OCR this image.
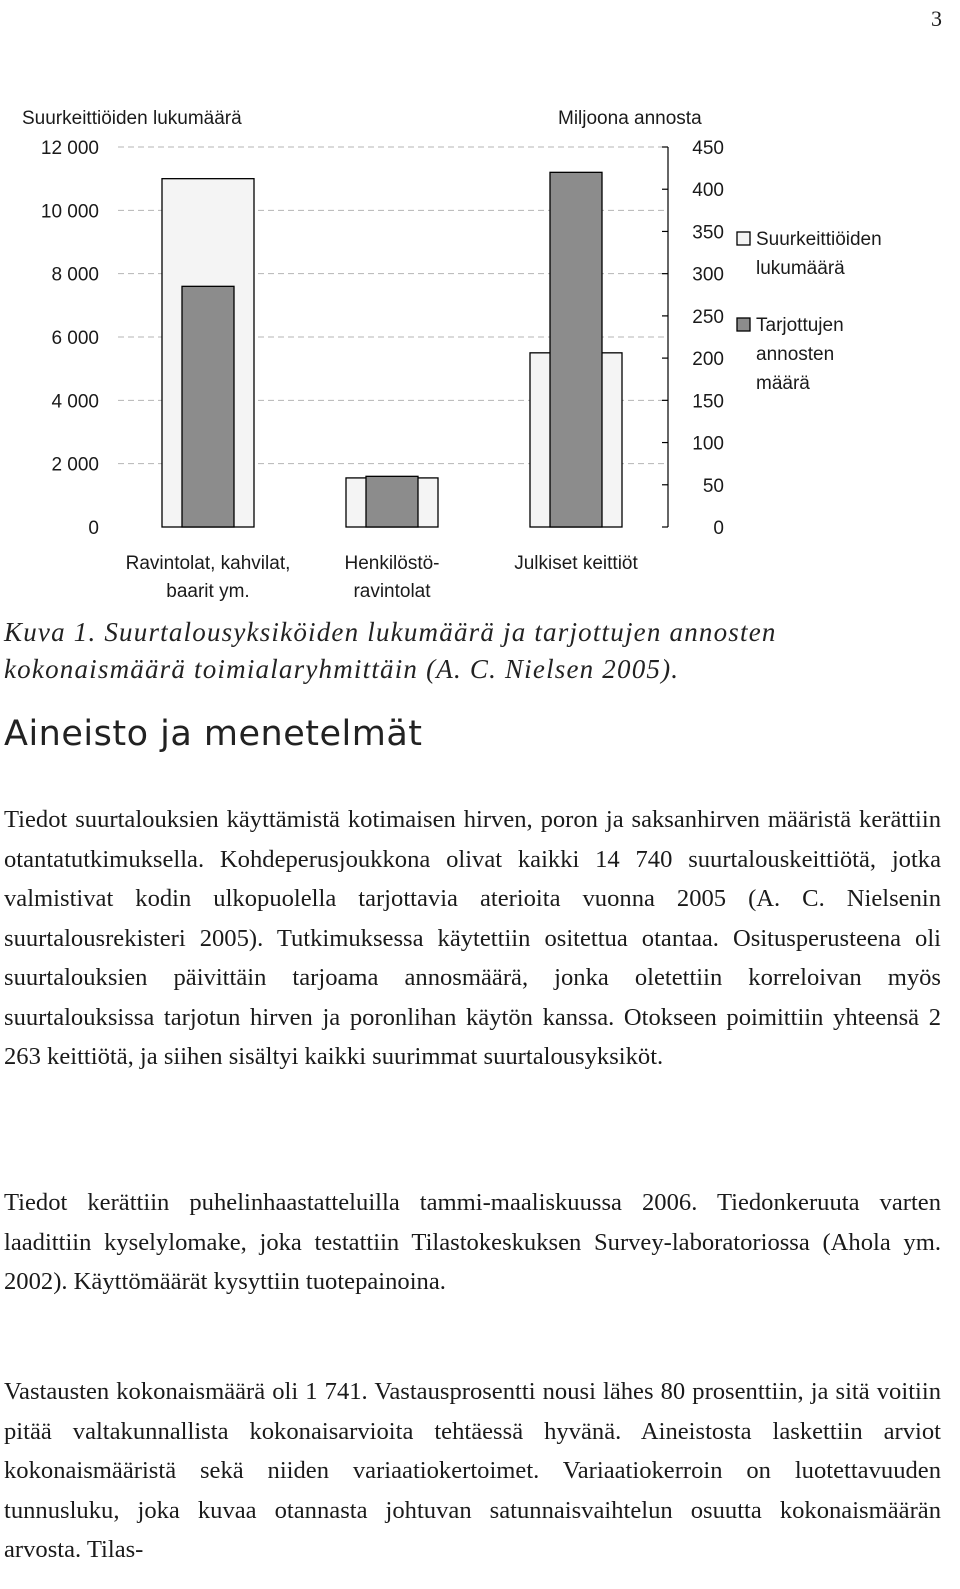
3
Suurkeittiöiden lukumäärä	Miljoona annosta
0
2 000
4 000
6 000
8 000
10 000
12 000
0
50
100
150
200
250
300
350
400
450
Ravintolat, kahvilat, baarit ym.
Henkilöstö-ravintolat
Julkiset keittiöt
Suurkeittiöiden lukumäärä
Tarjottujen annosten määrä

Kuva 1. Suurtalousyksiköiden lukumäärä ja tarjottujen annosten kokonaismäärä toimialaryhmittäin (A. C. Nielsen 2005).

Aineisto ja menetelmät

Tiedot suurtalouksien käyttämistä kotimaisen hirven, poron ja saksanhirven määristä kerättiin otantatutkimuksella. Kohdeperusjoukkona olivat kaikki 14 740 suurtalouskeittiötä, jotka valmistivat kodin ulkopuolella tarjottavia aterioita vuonna 2005 (A. C. Nielsenin suurtalousrekisteri 2005). Tutkimuksessa käytettiin ositettua otantaa. Ositusperusteena oli suurtalouksien päivittäin tarjoama annosmäärä, jonka oletettiin korreloivan myös suurtalouksissa tarjotun hirven ja poronlihan käytön kanssa. Otokseen poimittiin yhteensä 2 263 keittiötä, ja siihen sisältyi kaikki suurimmat suurtalousyksiköt.

Tiedot kerättiin puhelinhaastatteluilla tammi-maaliskuussa 2006. Tiedonkeruuta varten laadittiin kyselylomake, joka testattiin Tilastokeskuksen Survey-laboratoriossa (Ahola ym. 2002). Käyttömäärät kysyttiin tuotepainoina.

Vastausten kokonaismäärä oli 1 741. Vastausprosentti nousi lähes 80 prosenttiin, ja sitä voitiin pitää valtakunnallista kokonaisarvioita tehtäessä hyvänä. Aineistosta laskettiin arviot kokonaismääristä sekä niiden variaatiokertoimet. Variaatiokerroin on luotettavuuden tunnusluku, joka kuvaa otannasta johtuvan satunnaisvaihtelun osuutta kokonaismäärän arvosta. Tilas-
